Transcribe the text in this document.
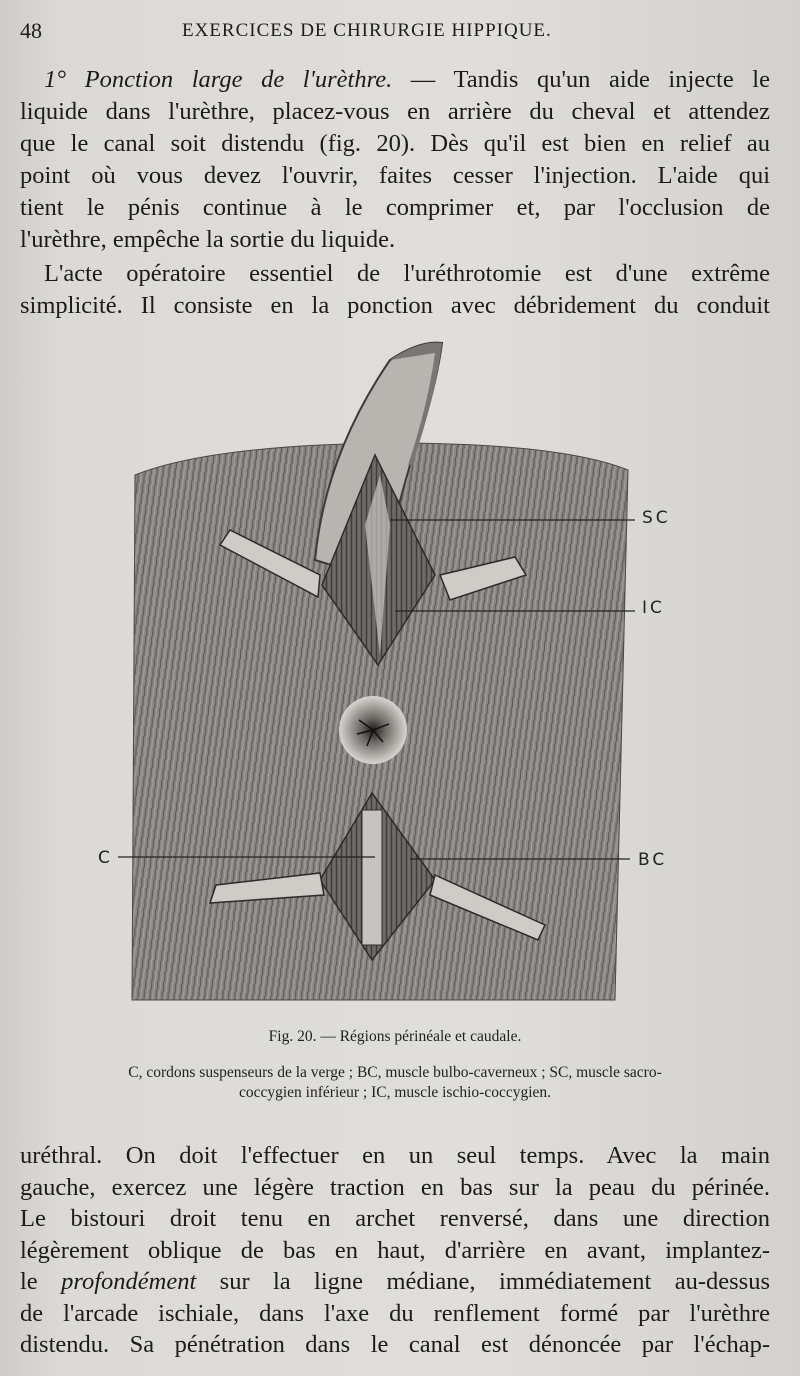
48	EXERCICES DE CHIRURGIE HIPPIQUE.

1° Ponction large de l'urèthre. — Tandis qu'un aide injecte le
liquide dans l'urèthre, placez-vous en arrière du cheval et attendez
que le canal soit distendu (fig. 20). Dès qu'il est bien en relief au
point où vous devez l'ouvrir, faites cesser l'injection. L'aide qui
tient le pénis continue à le comprimer et, par l'occlusion de
l'urèthre, empêche la sortie du liquide.

L'acte opératoire essentiel de l'uréthrotomie est d'une extrême
simplicité. Il consiste en la ponction avec débridement du conduit

SC
IC
C	BC
Fig. 20. — Régions périnéale et caudale.
C, cordons suspenseurs de la verge ; BC, muscle bulbo-caverneux ; SC, muscle sacro-
coccygien inférieur ; IC, muscle ischio-coccygien.

uréthral. On doit l'effectuer en un seul temps. Avec la main
gauche, exercez une légère traction en bas sur la peau du périnée.
Le bistouri droit tenu en archet renversé, dans une direction
légèrement oblique de bas en haut, d'arrière en avant, implantez-
le profondément sur la ligne médiane, immédiatement au-dessus
de l'arcade ischiale, dans l'axe du renflement formé par l'urèthre
distendu. Sa pénétration dans le canal est dénoncée par l'échap-
